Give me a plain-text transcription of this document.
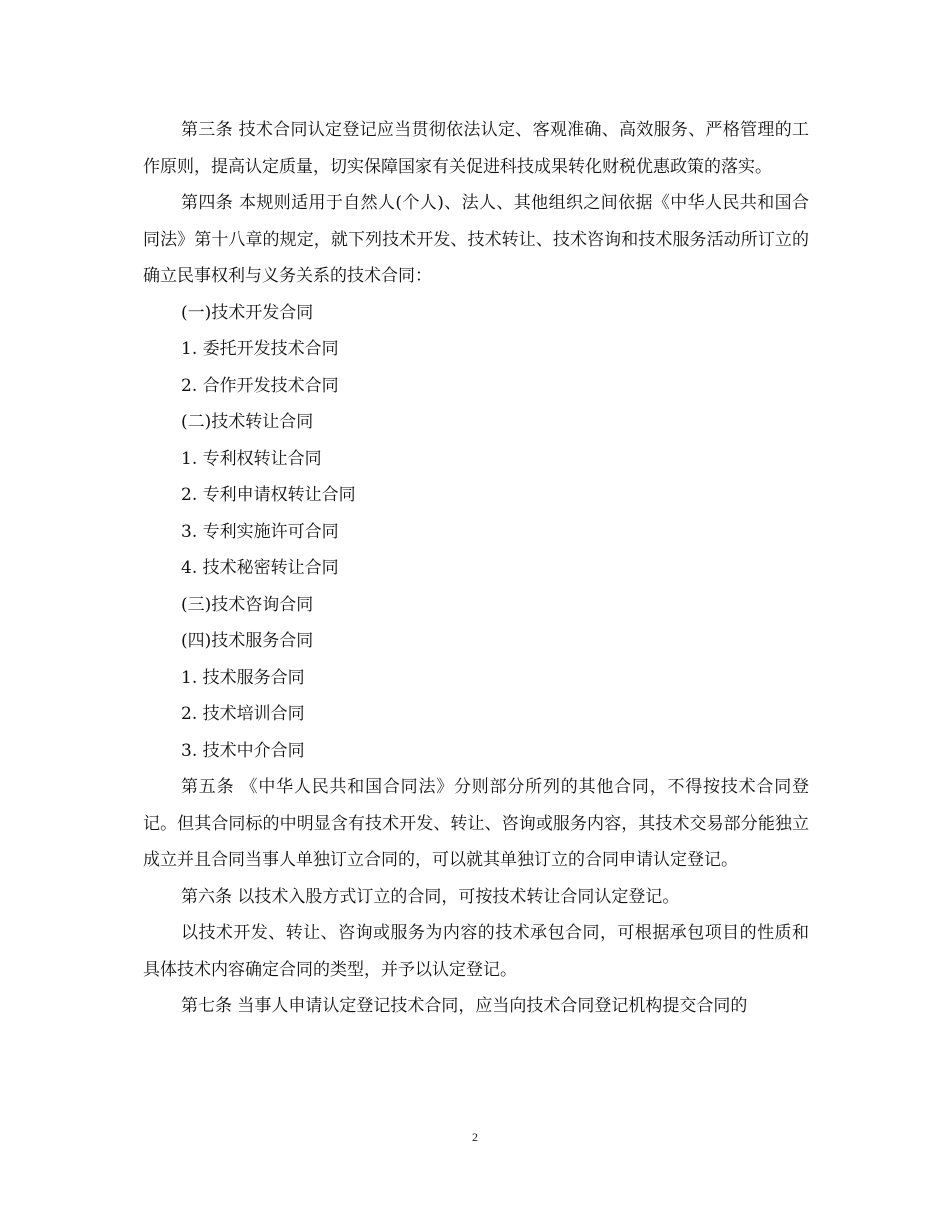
第三条 技术合同认定登记应当贯彻依法认定、客观准确、高效服务、严格管理的工作原则，提高认定质量，切实保障国家有关促进科技成果转化财税优惠政策的落实。

第四条 本规则适用于自然人(个人)、法人、其他组织之间依据《中华人民共和国合同法》第十八章的规定，就下列技术开发、技术转让、技术咨询和技术服务活动所订立的确立民事权利与义务关系的技术合同：

(一)技术开发合同

1. 委托开发技术合同

2. 合作开发技术合同

(二)技术转让合同

1. 专利权转让合同

2. 专利申请权转让合同

3. 专利实施许可合同

4. 技术秘密转让合同

(三)技术咨询合同

(四)技术服务合同

1. 技术服务合同

2. 技术培训合同

3. 技术中介合同

第五条 《中华人民共和国合同法》分则部分所列的其他合同，不得按技术合同登记。但其合同标的中明显含有技术开发、转让、咨询或服务内容，其技术交易部分能独立成立并且合同当事人单独订立合同的，可以就其单独订立的合同申请认定登记。

第六条 以技术入股方式订立的合同，可按技术转让合同认定登记。

以技术开发、转让、咨询或服务为内容的技术承包合同，可根据承包项目的性质和具体技术内容确定合同的类型，并予以认定登记。

第七条 当事人申请认定登记技术合同，应当向技术合同登记机构提交合同的

2
